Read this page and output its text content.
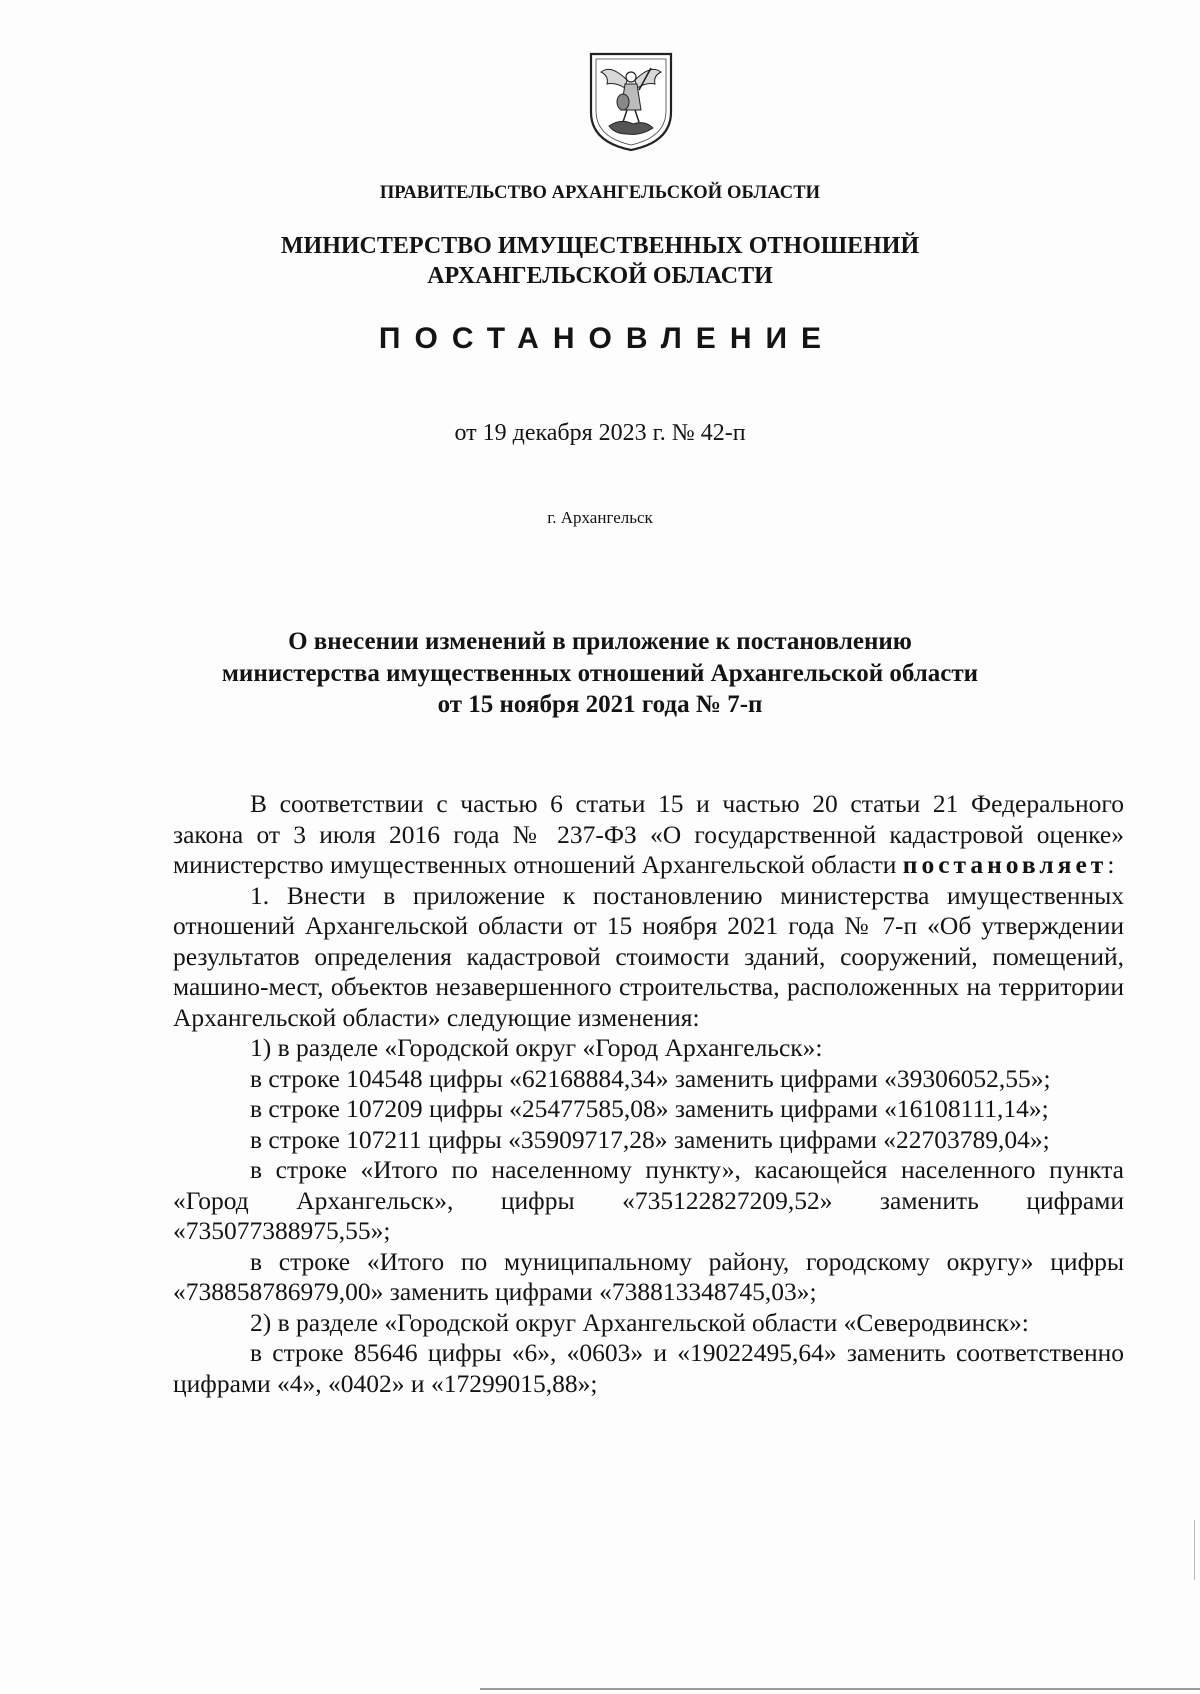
ПРАВИТЕЛЬСТВО АРХАНГЕЛЬСКОЙ ОБЛАСТИ
МИНИСТЕРСТВО ИМУЩЕСТВЕННЫХ ОТНОШЕНИЙ
АРХАНГЕЛЬСКОЙ ОБЛАСТИ
ПОСТАНОВЛЕНИЕ
от 19 декабря 2023 г. № 42-п
г. Архангельск
О внесении изменений в приложение к постановлению
министерства имущественных отношений Архангельской области
от 15 ноября 2021 года № 7-п

В соответствии с частью 6 статьи 15 и частью 20 статьи 21 Федерального закона от 3 июля 2016 года № 237-ФЗ «О государственной кадастровой оценке» министерство имущественных отношений Архангельской области постановляет:

1. Внести в приложение к постановлению министерства имущественных отношений Архангельской области от 15 ноября 2021 года № 7-п «Об утверждении результатов определения кадастровой стоимости зданий, сооружений, помещений, машино-мест, объектов незавершенного строительства, расположенных на территории Архангельской области» следующие изменения:

1) в разделе «Городской округ «Город Архангельск»:

в строке 104548 цифры «62168884,34» заменить цифрами «39306052,55»;

в строке 107209 цифры «25477585,08» заменить цифрами «16108111,14»;

в строке 107211 цифры «35909717,28» заменить цифрами «22703789,04»;

в строке «Итого по населенному пункту», касающейся населенного пункта «Город Архангельск», цифры «735122827209,52» заменить цифрами «735077388975,55»;

в строке «Итого по муниципальному району, городскому округу» цифры «738858786979,00» заменить цифрами «738813348745,03»;

2) в разделе «Городской округ Архангельской области «Северодвинск»:

в строке 85646 цифры «6», «0603» и «19022495,64» заменить соответственно цифрами «4», «0402» и «17299015,88»;
